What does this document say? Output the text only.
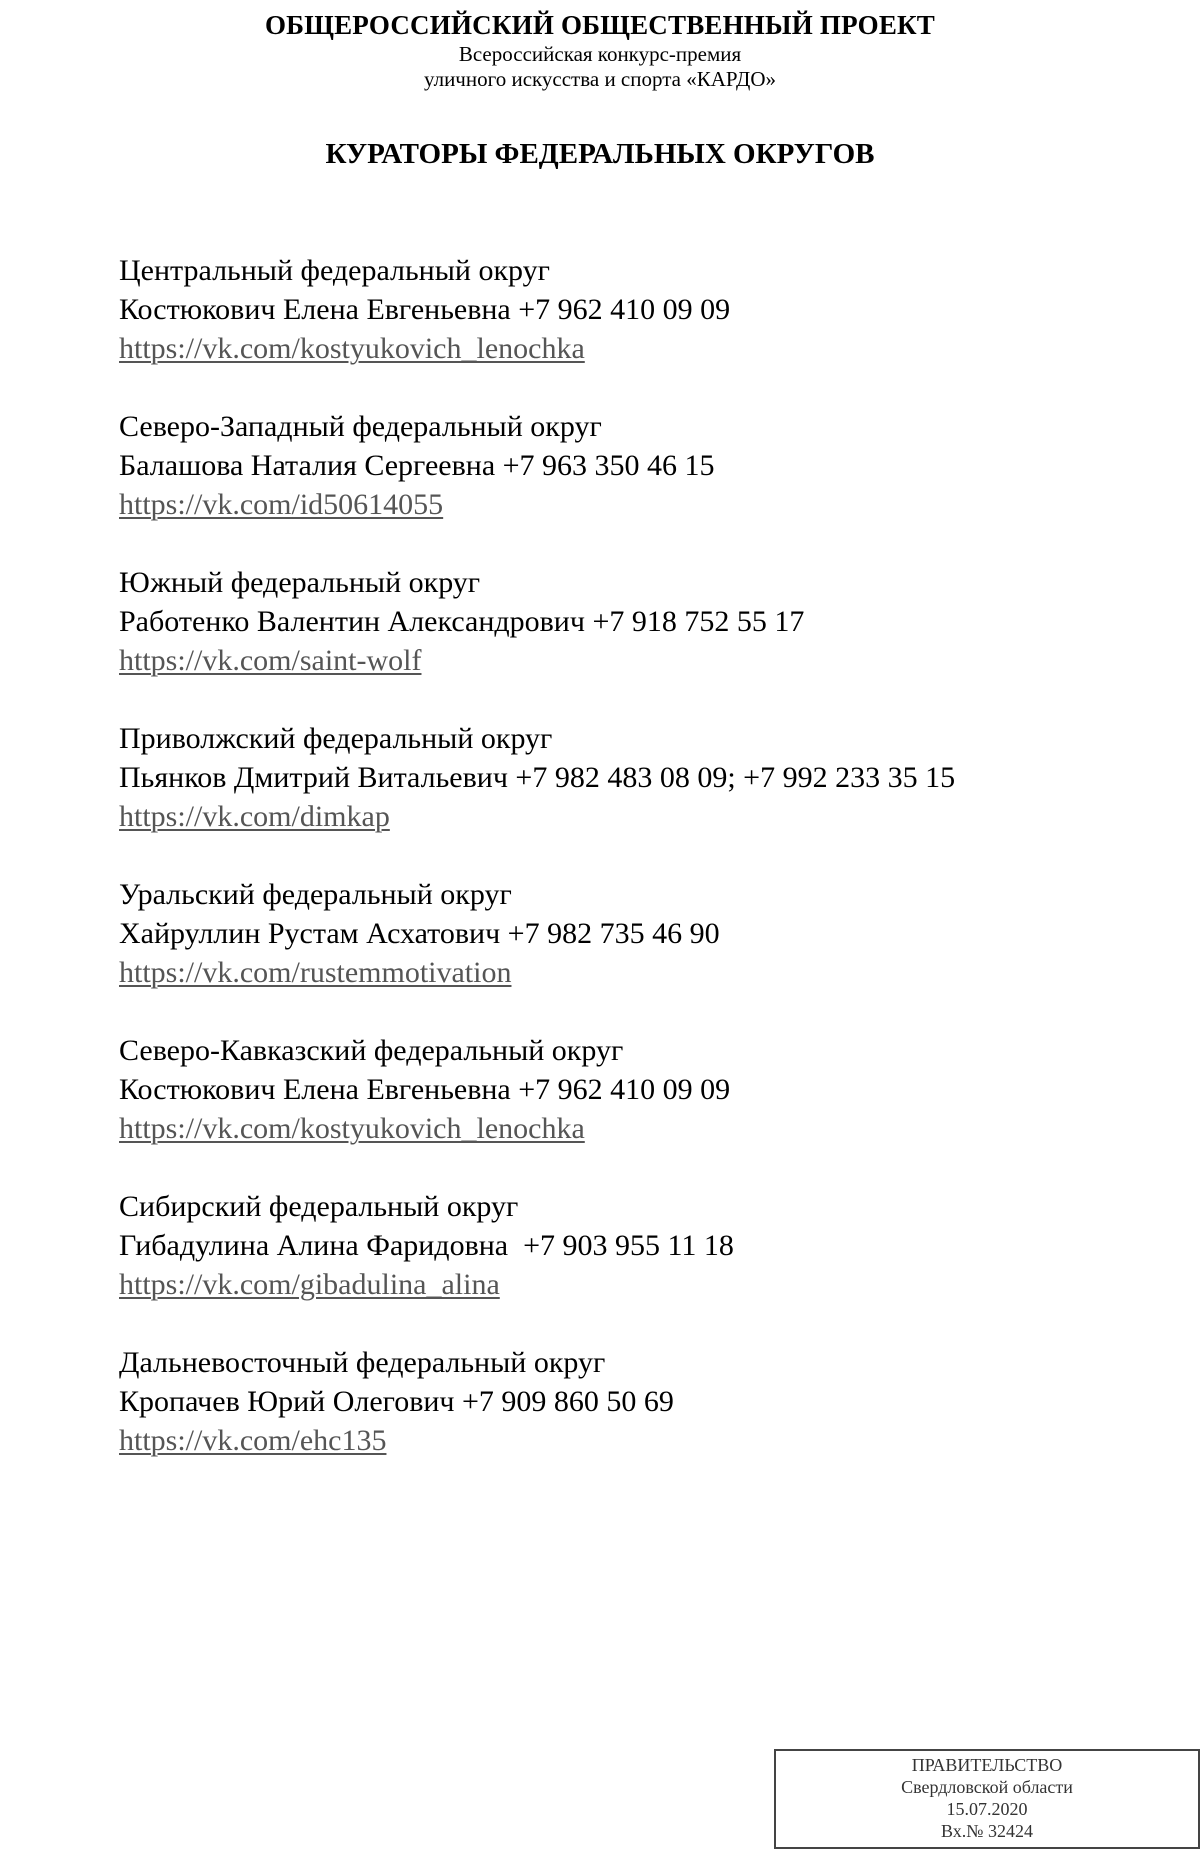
ОБЩЕРОССИЙСКИЙ ОБЩЕСТВЕННЫЙ ПРОЕКТ
Всероссийская конкурс-премия
уличного искусства и спорта «КАРДО»
КУРАТОРЫ ФЕДЕРАЛЬНЫХ ОКРУГОВ
Центральный федеральный округ
Костюкович Елена Евгеньевна +7 962 410 09 09
https://vk.com/kostyukovich_lenochka
Северо-Западный федеральный округ
Балашова Наталия Сергеевна +7 963 350 46 15
https://vk.com/id50614055
Южный федеральный округ
Работенко Валентин Александрович +7 918 752 55 17
https://vk.com/saint-wolf
Приволжский федеральный округ
Пьянков Дмитрий Витальевич +7 982 483 08 09; +7 992 233 35 15
https://vk.com/dimkap
Уральский федеральный округ
Хайруллин Рустам Асхатович +7 982 735 46 90
https://vk.com/rustemmotivation
Северо-Кавказский федеральный округ
Костюкович Елена Евгеньевна +7 962 410 09 09
https://vk.com/kostyukovich_lenochka
Сибирский федеральный округ
Гибадулина Алина Фаридовна  +7 903 955 11 18
https://vk.com/gibadulina_alina
Дальневосточный федеральный округ
Кропачев Юрий Олегович +7 909 860 50 69
https://vk.com/ehc135
ПРАВИТЕЛЬСТВО
Свердловской области
15.07.2020
Вх.№ 32424
